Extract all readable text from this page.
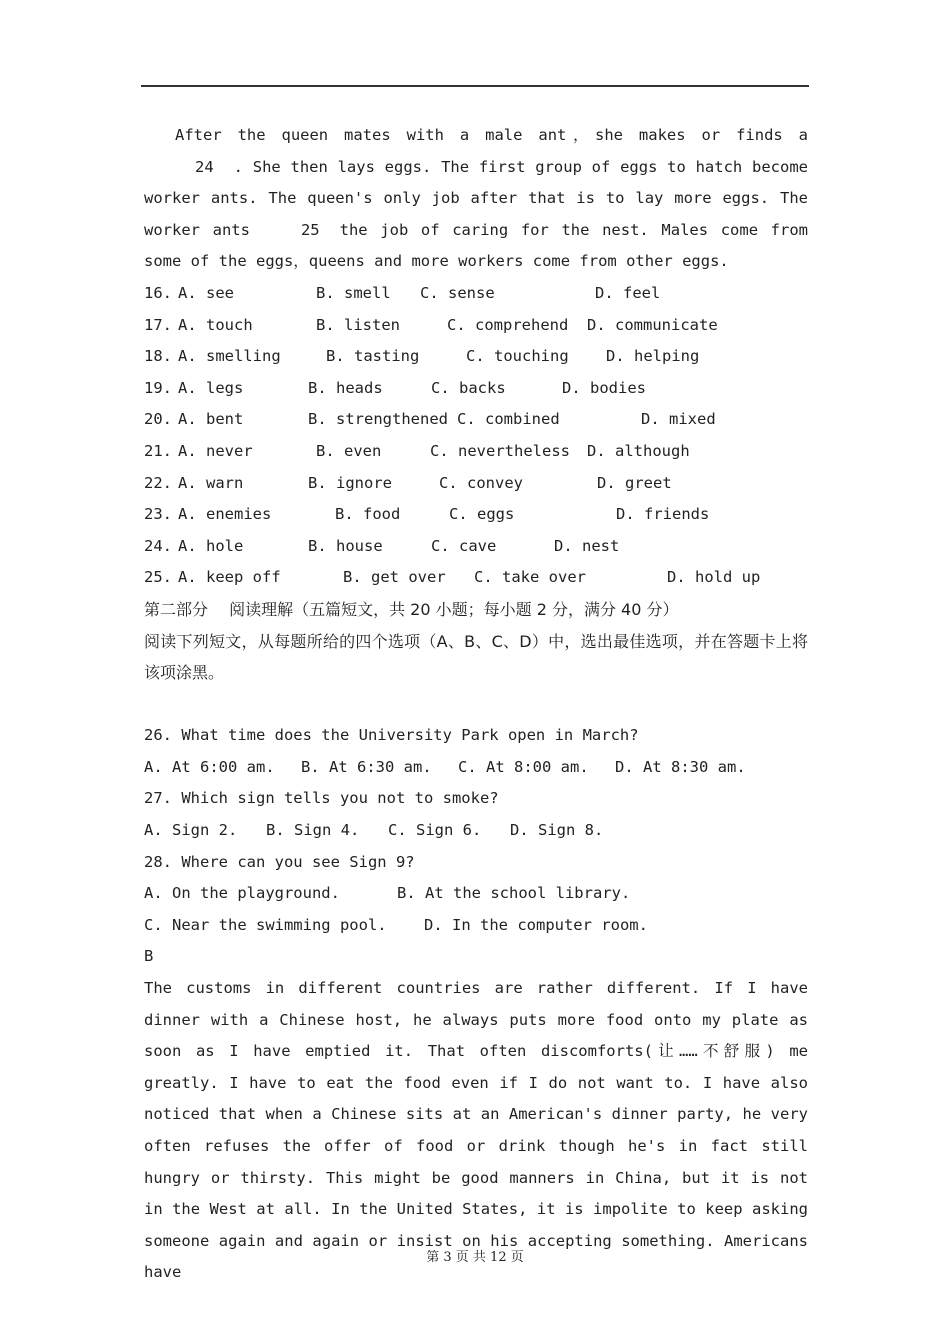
After the queen mates with a male ant，she makes or finds a24 . She then lays eggs. The first group of eggs to hatch become worker ants. The queen's only job after that is to lay more eggs. The worker ants	25 the job of caring for the nest. Males come from some of the eggs，queens and more workers come from other eggs.
16. A. see	B. smell C. sense	D. feel
17. A. touch	B. listen	C. comprehend D. communicate
18. A. smelling	B. tasting	C. touching D. helping
19. A. legs	B. heads	C. backs	D. bodies
20. A. bent	B. strengthened C. combined	D. mixed
21. A. never	B. even	C. nevertheless D. although
22. A. warn	B. ignore	C. convey	D. greet
23. A. enemies	B. food	C. eggs	D. friends
24. A. hole	B. house	C. cave	D. nest
25. A. keep off	B. get over C. take over	D. hold up
第二部分　 阅读理解（五篇短文，共 20 小题；每小题 2 分，满分 40 分）
阅读下列短文，从每题所给的四个选项（A、B、C、D）中，选出最佳选项，并在答题卡上将该项涂黑。
26. What time does the University Park open in March?
A. At 6:00 am. B. At 6:30 am. C. At 8:00 am. D. At 8:30 am.
27. Which sign tells you not to smoke?
A. Sign 2. B. Sign 4. C. Sign 6. D. Sign 8.
28. Where can you see Sign 9?
A. On the playground.	B. At the school library.
C. Near the swimming pool. D. In the computer room.
B
The customs in different countries are rather different. If I have dinner with a Chinese host, he always puts more food onto my plate as soon as I have emptied it. That often discomforts(让……不舒服) me greatly. I have to eat the food even if I do not want to. I have also noticed that when a Chinese sits at an American's dinner party, he very often refuses the offer of food or drink though he's in fact still hungry or thirsty. This might be good manners in China, but it is not in the West at all. In the United States, it is impolite to keep asking someone again and again or insist on his accepting something. Americans have
第 3 页 共 12 页
